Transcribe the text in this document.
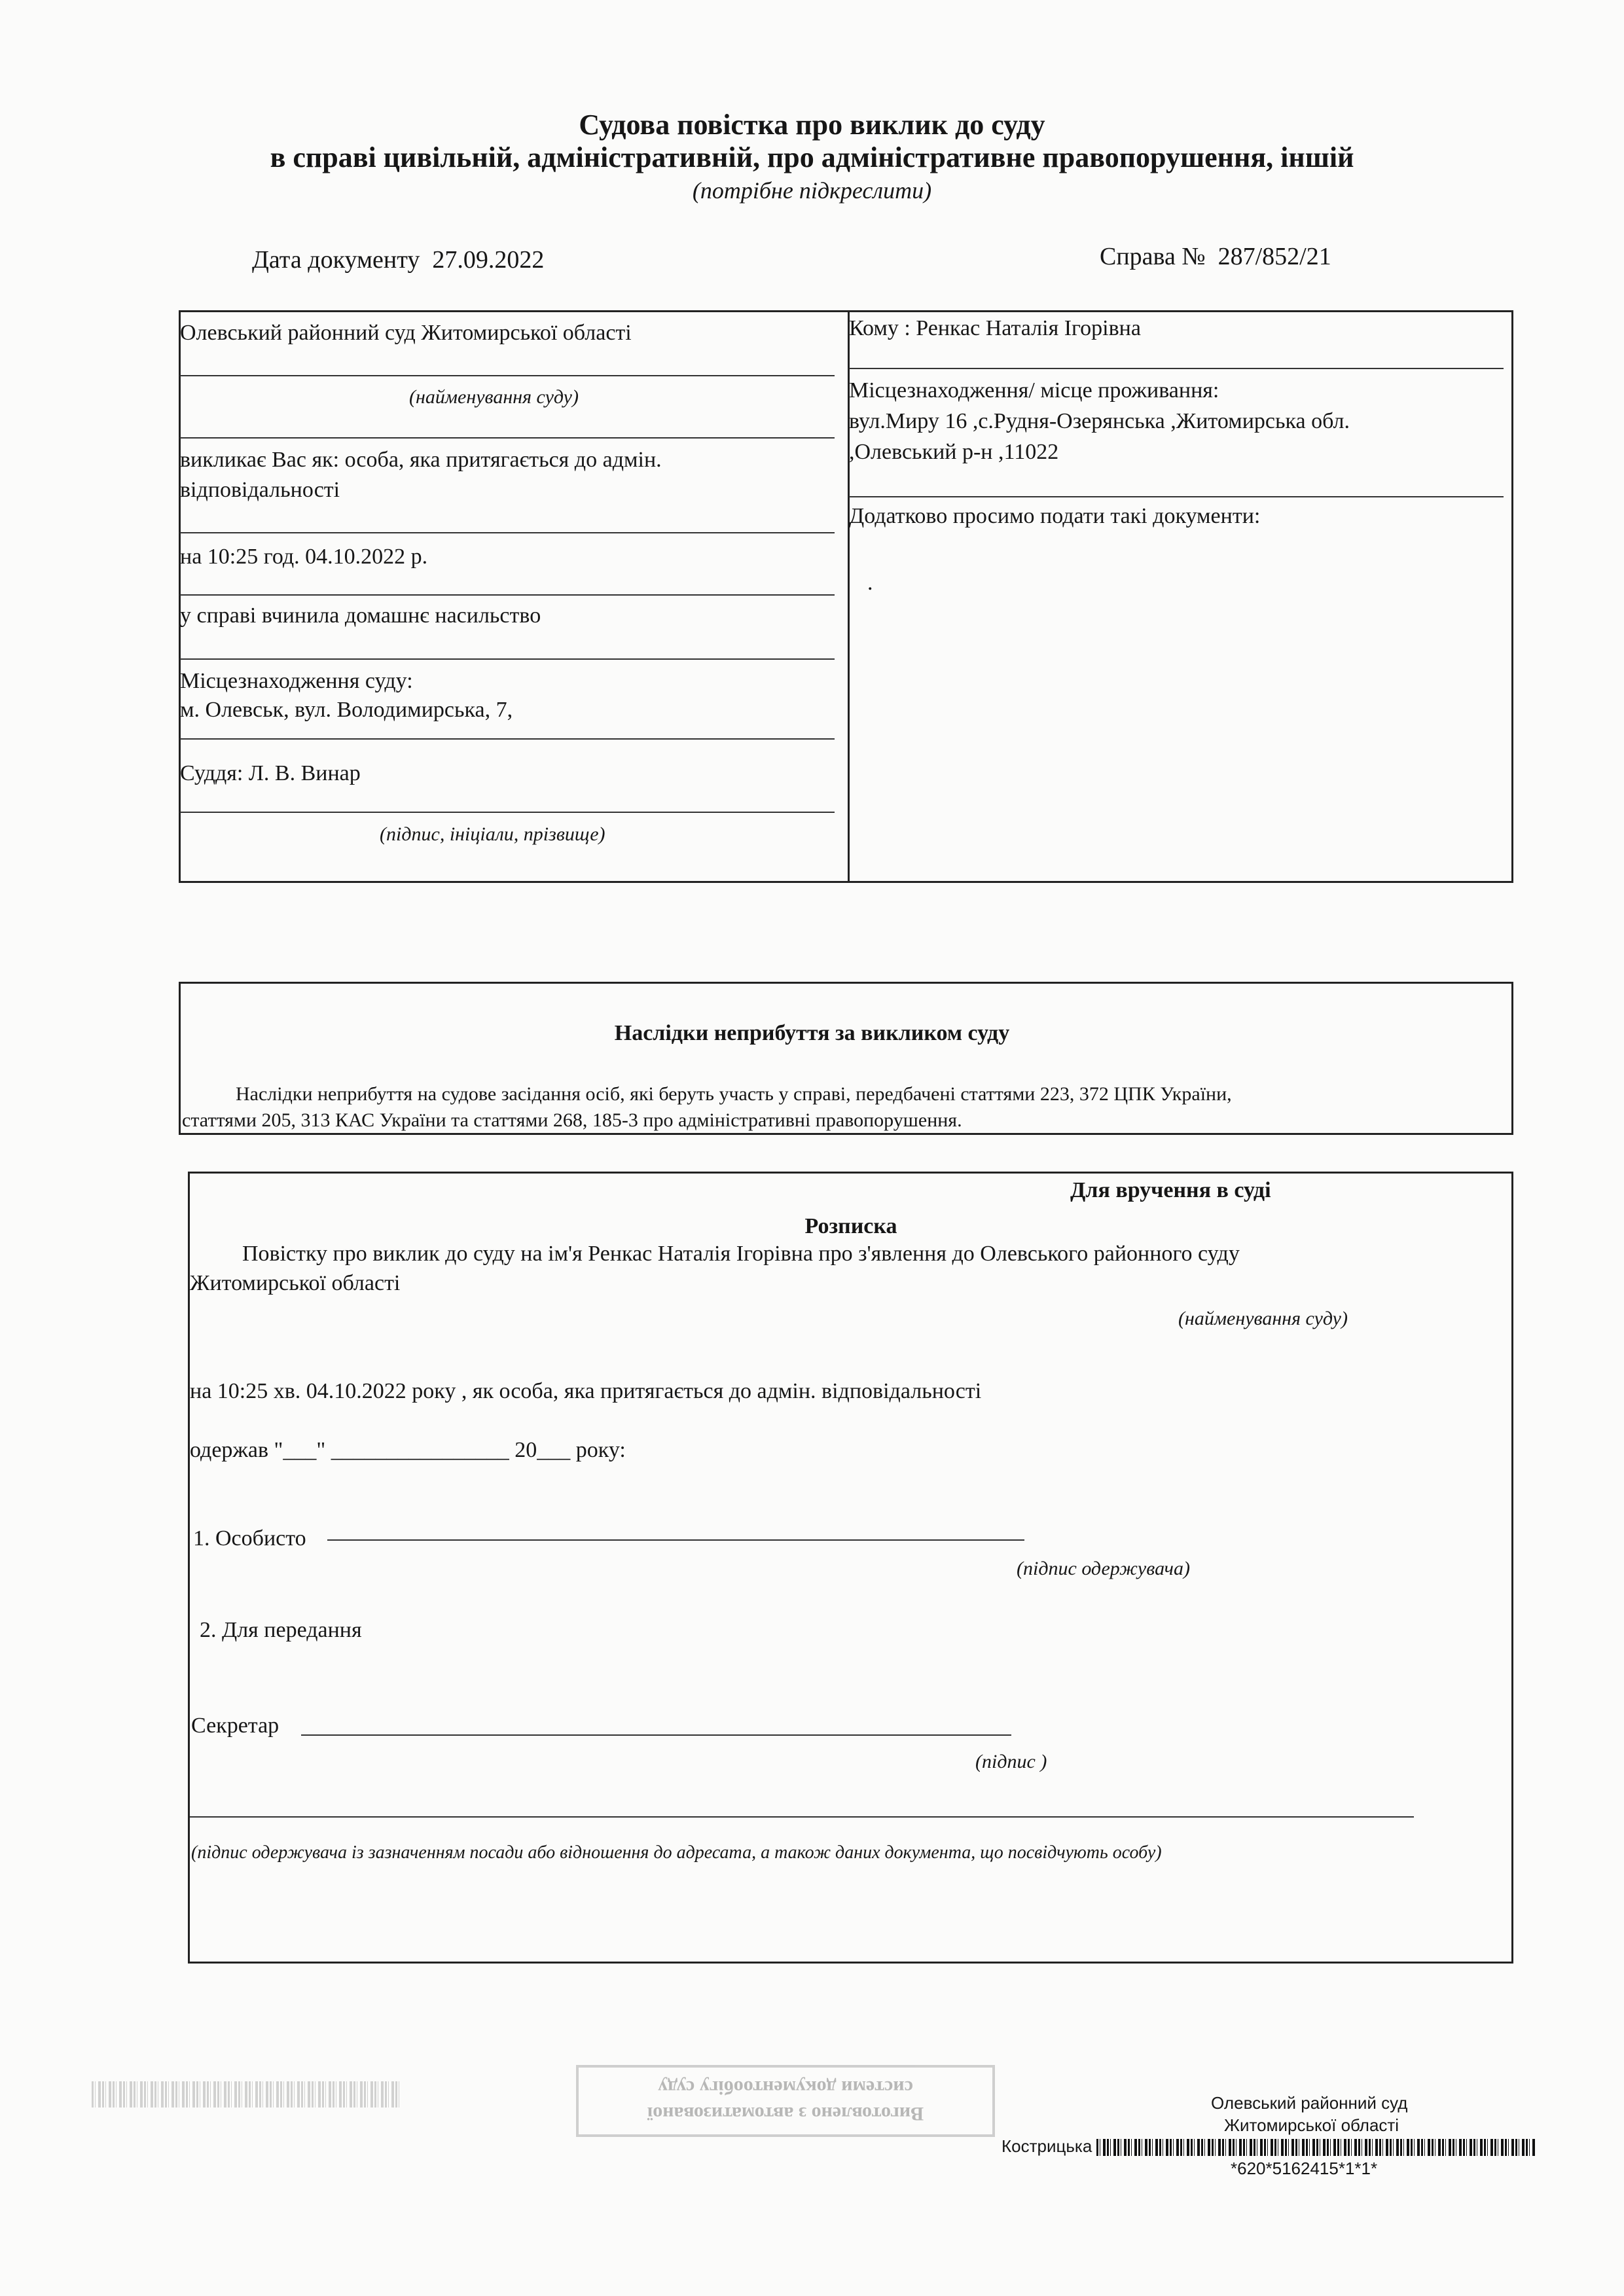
Виготовлено з автоматизованої
системи документообігу суду
Судова повістка про виклик до суду
в справі цивільній, адміністративній, про адміністративне правопорушення, іншій
(потрібне підкреслити)
Дата документу 27.09.2022	Справа № 287/852/21
Олевський районний суд Житомирської області
(найменування суду)
викликає Вас як: особа, яка притягається до адмін.
відповідальності
на 10:25 год. 04.10.2022 р.
у справі вчинила домашнє насильство
Місцезнаходження суду:
м. Олевськ, вул. Володимирська, 7,
Суддя: Л. В. Винар
(підпис, ініціали, прізвище)
Кому : Ренкас Наталія Ігорівна
Місцезнаходження/ місце проживання:
вул.Миру 16 ,с.Рудня-Озерянська ,Житомирська обл.
,Олевський р-н ,11022
Додатково просимо подати такі документи:
.
Наслідки неприбуття за викликом суду
Наслідки неприбуття на судове засідання осіб, які беруть участь у справі, передбачені статтями 223, 372 ЦПК України,
статтями 205, 313 КАС України та статтями 268, 185-3 про адміністративні правопорушення.
Для вручення в суді
Розписка
Повістку про виклик до суду на ім'я Ренкас Наталія Ігорівна про з'явлення до Олевського районного суду
Житомирської області
(найменування суду)
на 10:25 хв. 04.10.2022 року , як особа, яка притягається до адмін. відповідальності
одержав "___" ________________ 20___ року:
1. Особисто
(підпис одержувача)
2. Для передання
Секретар
(підпис )
(підпис одержувача із зазначенням посади або відношення до адресата, а також даних документа, що посвідчують особу)
Олевський районний суд
Житомирської області
Кострицька
*620*5162415*1*1*
